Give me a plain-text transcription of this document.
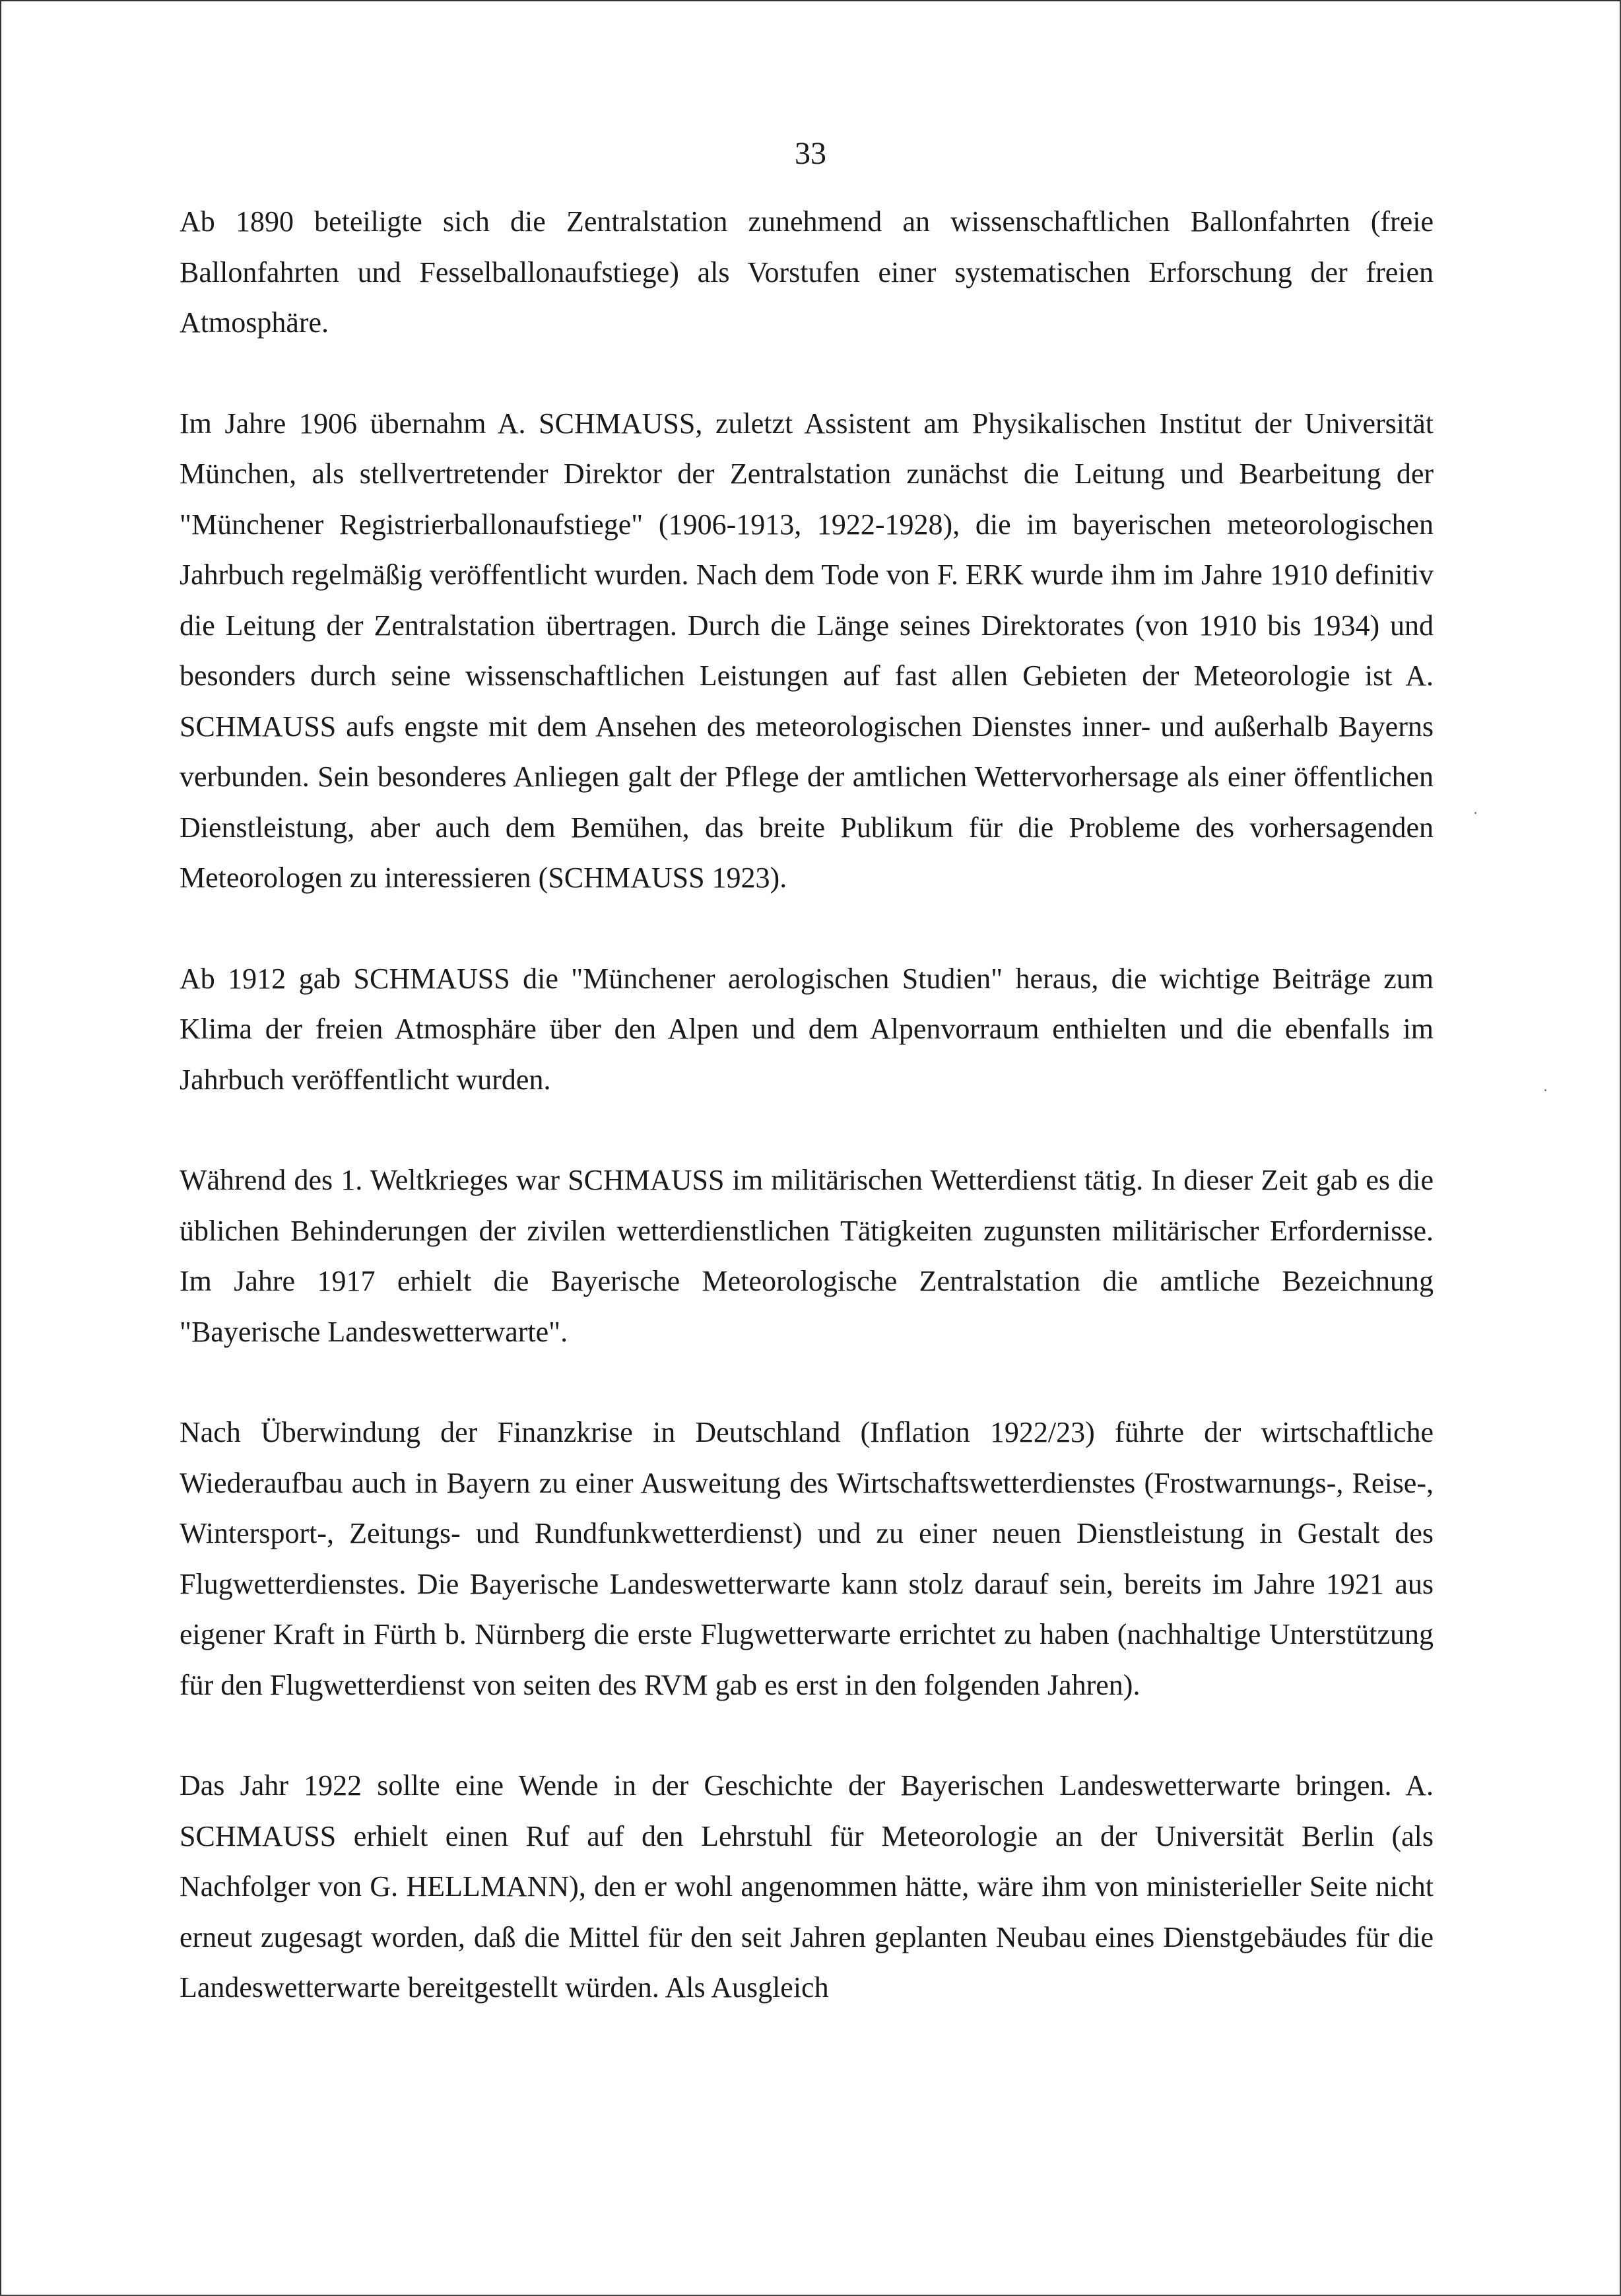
33

Ab 1890 beteiligte sich die Zentralstation zunehmend an wissenschaftlichen Ballonfahrten (freie Ballonfahrten und Fesselballonaufstiege) als Vorstufen einer systematischen Erforschung der freien Atmosphäre.

Im Jahre 1906 übernahm A. SCHMAUSS, zuletzt Assistent am Physikalischen Institut der Universität München, als stellvertretender Direktor der Zentralstation zunächst die Leitung und Bearbeitung der "Münchener Registrierballonaufstiege" (1906-1913, 1922-1928), die im bayerischen meteorologischen Jahrbuch regelmäßig veröffentlicht wurden. Nach dem Tode von F. ERK wurde ihm im Jahre 1910 definitiv die Leitung der Zentralstation übertragen. Durch die Länge seines Direktorates (von 1910 bis 1934) und besonders durch seine wissenschaftlichen Leistungen auf fast allen Gebieten der Meteorologie ist A. SCHMAUSS aufs engste mit dem Ansehen des meteorologischen Dienstes inner- und außerhalb Bayerns verbunden. Sein besonderes Anliegen galt der Pflege der amtlichen Wettervorhersage als einer öffentlichen Dienstleistung, aber auch dem Bemühen, das breite Publikum für die Probleme des vorhersagenden Meteorologen zu interessieren (SCHMAUSS 1923).

Ab 1912 gab SCHMAUSS die "Münchener aerologischen Studien" heraus, die wichtige Beiträge zum Klima der freien Atmosphäre über den Alpen und dem Alpenvorraum enthielten und die ebenfalls im Jahrbuch veröffentlicht wurden.

Während des 1. Weltkrieges war SCHMAUSS im militärischen Wetterdienst tätig. In dieser Zeit gab es die üblichen Behinderungen der zivilen wetterdienstlichen Tätigkeiten zugunsten militärischer Erfordernisse. Im Jahre 1917 erhielt die Bayerische Meteorologische Zentralstation die amtliche Bezeichnung "Bayerische Landeswetterwarte".

Nach Überwindung der Finanzkrise in Deutschland (Inflation 1922/23) führte der wirtschaftliche Wiederaufbau auch in Bayern zu einer Ausweitung des Wirtschaftswetterdienstes (Frostwarnungs-, Reise-, Wintersport-, Zeitungs- und Rundfunkwetterdienst) und zu einer neuen Dienstleistung in Gestalt des Flugwetterdienstes. Die Bayerische Landeswetterwarte kann stolz darauf sein, bereits im Jahre 1921 aus eigener Kraft in Fürth b. Nürnberg die erste Flugwetterwarte errichtet zu haben (nachhaltige Unterstützung für den Flugwetterdienst von seiten des RVM gab es erst in den folgenden Jahren).

Das Jahr 1922 sollte eine Wende in der Geschichte der Bayerischen Landeswetterwarte bringen. A. SCHMAUSS erhielt einen Ruf auf den Lehrstuhl für Meteorologie an der Universität Berlin (als Nachfolger von G. HELLMANN), den er wohl angenommen hätte, wäre ihm von ministerieller Seite nicht erneut zugesagt worden, daß die Mittel für den seit Jahren geplanten Neubau eines Dienstgebäudes für die Landeswetterwarte bereitgestellt würden. Als Ausgleich
